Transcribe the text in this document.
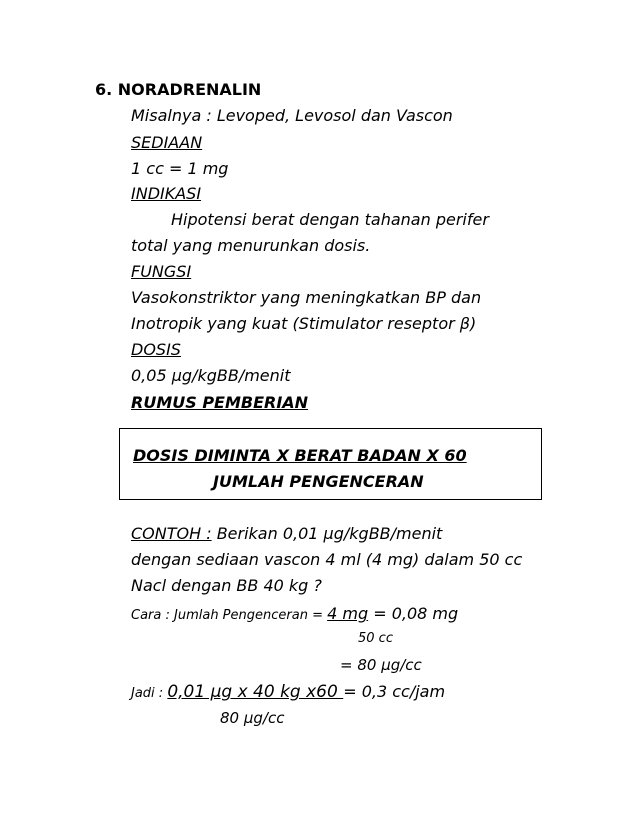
6. NORADRENALIN
Misalnya : Levoped, Levosol dan Vascon
SEDIAAN
1 cc = 1 mg
INDIKASI
Hipotensi berat dengan tahanan perifer
total yang menurunkan dosis.
FUNGSI
Vasokonstriktor yang meningkatkan BP dan
Inotropik yang kuat (Stimulator reseptor β)
DOSIS
0,05 µg/kgBB/menit
RUMUS PEMBERIAN
DOSIS DIMINTA X BERAT BADAN X 60
JUMLAH PENGENCERAN
CONTOH : Berikan 0,01 µg/kgBB/menit
dengan sediaan vascon 4 ml (4 mg) dalam 50 cc
Nacl dengan BB 40 kg ?
Cara : Jumlah Pengenceran = 4 mg = 0,08 mg
50 cc
= 80 µg/cc
Jadi : 0,01 µg x 40 kg x60 = 0,3 cc/jam
80 µg/cc
